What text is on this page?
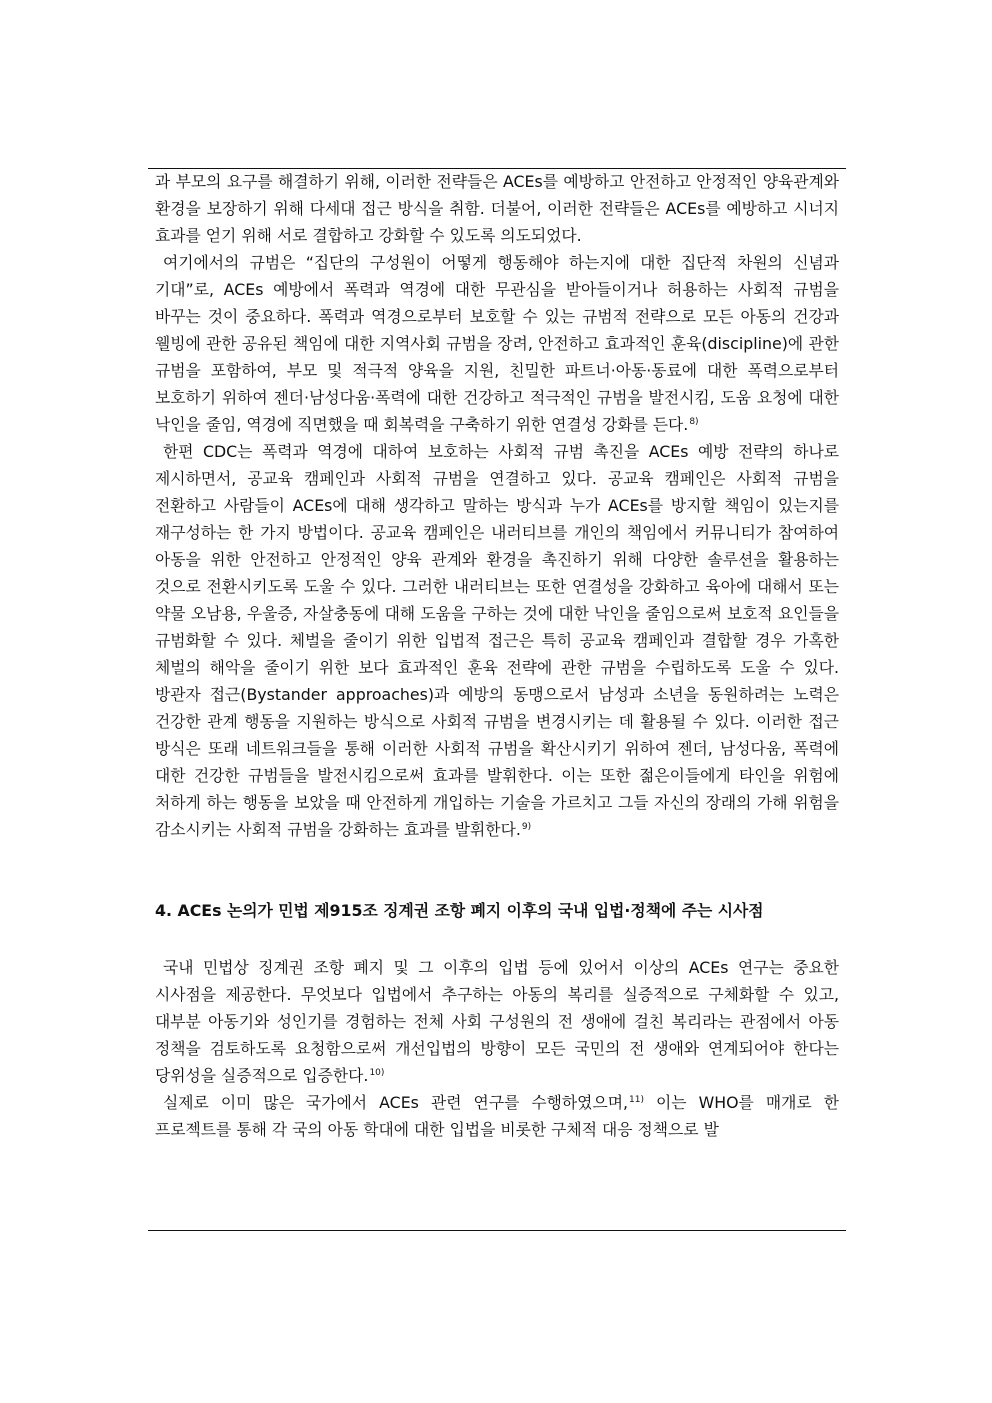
과 부모의 요구를 해결하기 위해, 이러한 전략들은 ACEs를 예방하고 안전하고 안정적인 양육관계와 환경을 보장하기 위해 다세대 접근 방식을 취함. 더불어, 이러한 전략들은 ACEs를 예방하고 시너지 효과를 얻기 위해 서로 결합하고 강화할 수 있도록 의도되었다.

여기에서의 규범은 “집단의 구성원이 어떻게 행동해야 하는지에 대한 집단적 차원의 신념과 기대”로, ACEs 예방에서 폭력과 역경에 대한 무관심을 받아들이거나 허용하는 사회적 규범을 바꾸는 것이 중요하다. 폭력과 역경으로부터 보호할 수 있는 규범적 전략으로 모든 아동의 건강과 웰빙에 관한 공유된 책임에 대한 지역사회 규범을 장려, 안전하고 효과적인 훈육(discipline)에 관한 규범을 포함하여, 부모 및 적극적 양육을 지원, 친밀한 파트너·아동·동료에 대한 폭력으로부터 보호하기 위하여 젠더·남성다움·폭력에 대한 건강하고 적극적인 규범을 발전시킴, 도움 요청에 대한 낙인을 줄임, 역경에 직면했을 때 회복력을 구축하기 위한 연결성 강화를 든다.$^{8)}$

한편 CDC는 폭력과 역경에 대하여 보호하는 사회적 규범 촉진을 ACEs 예방 전략의 하나로 제시하면서, 공교육 캠페인과 사회적 규범을 연결하고 있다. 공교육 캠페인은 사회적 규범을 전환하고 사람들이 ACEs에 대해 생각하고 말하는 방식과 누가 ACEs를 방지할 책임이 있는지를 재구성하는 한 가지 방법이다. 공교육 캠페인은 내러티브를 개인의 책임에서 커뮤니티가 참여하여 아동을 위한 안전하고 안정적인 양육 관계와 환경을 촉진하기 위해 다양한 솔루션을 활용하는 것으로 전환시키도록 도울 수 있다. 그러한 내러티브는 또한 연결성을 강화하고 육아에 대해서 또는 약물 오남용, 우울증, 자살충동에 대해 도움을 구하는 것에 대한 낙인을 줄임으로써 보호적 요인들을 규범화할 수 있다. 체벌을 줄이기 위한 입법적 접근은 특히 공교육 캠페인과 결합할 경우 가혹한 체벌의 해악을 줄이기 위한 보다 효과적인 훈육 전략에 관한 규범을 수립하도록 도울 수 있다. 방관자 접근(Bystander approaches)과 예방의 동맹으로서 남성과 소년을 동원하려는 노력은 건강한 관계 행동을 지원하는 방식으로 사회적 규범을 변경시키는 데 활용될 수 있다. 이러한 접근 방식은 또래 네트워크들을 통해 이러한 사회적 규범을 확산시키기 위하여 젠더, 남성다움, 폭력에 대한 건강한 규범들을 발전시킴으로써 효과를 발휘한다. 이는 또한 젊은이들에게 타인을 위험에 처하게 하는 행동을 보았을 때 안전하게 개입하는 기술을 가르치고 그들 자신의 장래의 가해 위험을 감소시키는 사회적 규범을 강화하는 효과를 발휘한다.$^{9)}$

4. ACEs 논의가 민법 제915조 징계권 조항 폐지 이후의 국내 입법·정책에 주는 시사점

국내 민법상 징계권 조항 폐지 및 그 이후의 입법 등에 있어서 이상의 ACEs 연구는 중요한 시사점을 제공한다. 무엇보다 입법에서 추구하는 아동의 복리를 실증적으로 구체화할 수 있고, 대부분 아동기와 성인기를 경험하는 전체 사회 구성원의 전 생애에 걸친 복리라는 관점에서 아동 정책을 검토하도록 요청함으로써 개선입법의 방향이 모든 국민의 전 생애와 연계되어야 한다는 당위성을 실증적으로 입증한다.$^{10)}$

실제로 이미 많은 국가에서 ACEs 관련 연구를 수행하였으며,$^{11)}$ 이는 WHO를 매개로 한 프로젝트를 통해 각 국의 아동 학대에 대한 입법을 비롯한 구체적 대응 정책으로 발
